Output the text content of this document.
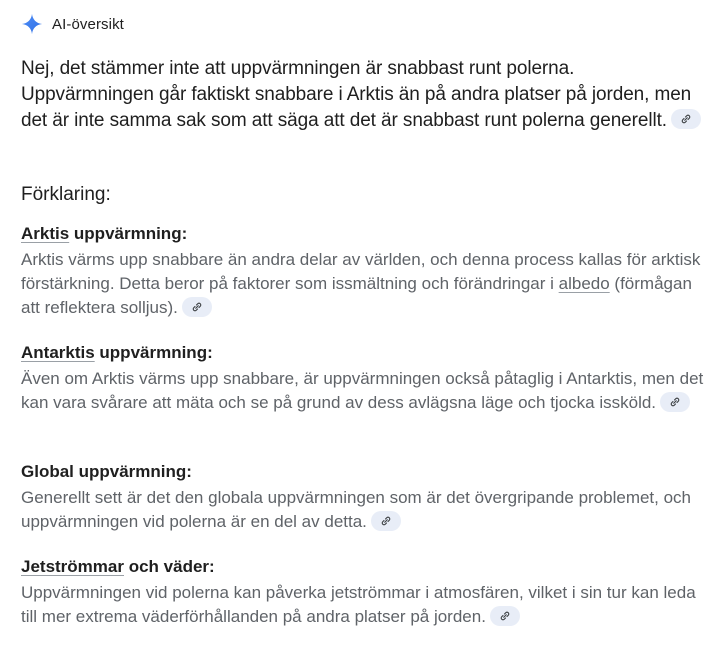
AI-översikt
Nej, det stämmer inte att uppvärmningen är snabbast runt polerna. Uppvärmningen går faktiskt snabbare i Arktis än på andra platser på jorden, men det är inte samma sak som att säga att det är snabbast runt polerna generellt.
Förklaring:

Arktis uppvärmning:

Arktis värms upp snabbare än andra delar av världen, och denna process kallas för arktisk förstärkning. Detta beror på faktorer som issmältning och förändringar i albedo (förmågan att reflektera solljus).

Antarktis uppvärmning:

Även om Arktis värms upp snabbare, är uppvärmningen också påtaglig i Antarktis, men det kan vara svårare att mäta och se på grund av dess avlägsna läge och tjocka issköld.

Global uppvärmning:

Generellt sett är det den globala uppvärmningen som är det övergripande problemet, och uppvärmningen vid polerna är en del av detta.

Jetströmmar och väder:

Uppvärmningen vid polerna kan påverka jetströmmar i atmosfären, vilket i sin tur kan leda till mer extrema väderförhållanden på andra platser på jorden.
